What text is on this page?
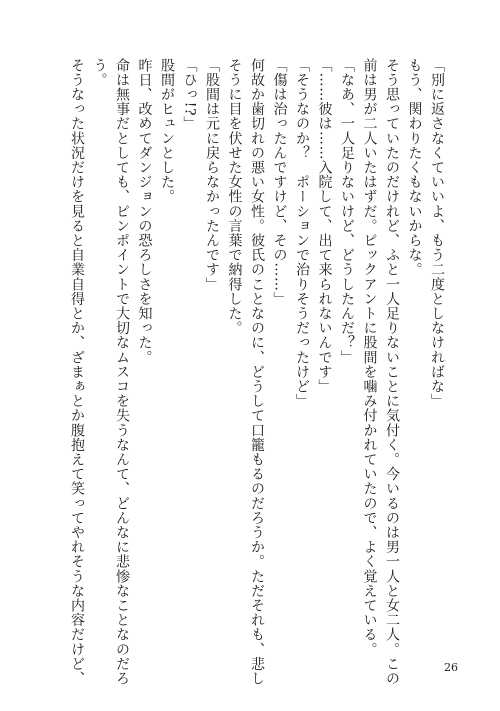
「別に返さなくていいよ、もう二度としなければな」
もう、関わりたくもないからな。
そう思っていたのだけれど、ふと一人足りないことに気付く。今いるのは男一人と女二人。この
前は男が二人いたはずだ。ピックアントに股間を噛み付かれていたので、よく覚えている。
「なあ、一人足りないけど、どうしたんだ？」
「……彼は……入院して、出て来られないんです」
「そうなのか？　ポーションで治りそうだったけど」
「傷は治ったんですけど、その……」
何故か歯切れの悪い女性。彼氏のことなのに、どうして口籠もるのだろうか。ただそれも、悲し
そうに目を伏せた女性の言葉で納得した。
「股間は元に戻らなかったんです」
「ひっ!?」
股間がヒュンとした。
昨日、改めてダンジョンの恐ろしさを知った。
命は無事だとしても、ピンポイントで大切なムスコを失うなんて、どんなに悲惨なことなのだろ
う。
そうなった状況だけを見ると自業自得とか、ざまぁとか腹抱えて笑ってやれそうな内容だけど、	26
